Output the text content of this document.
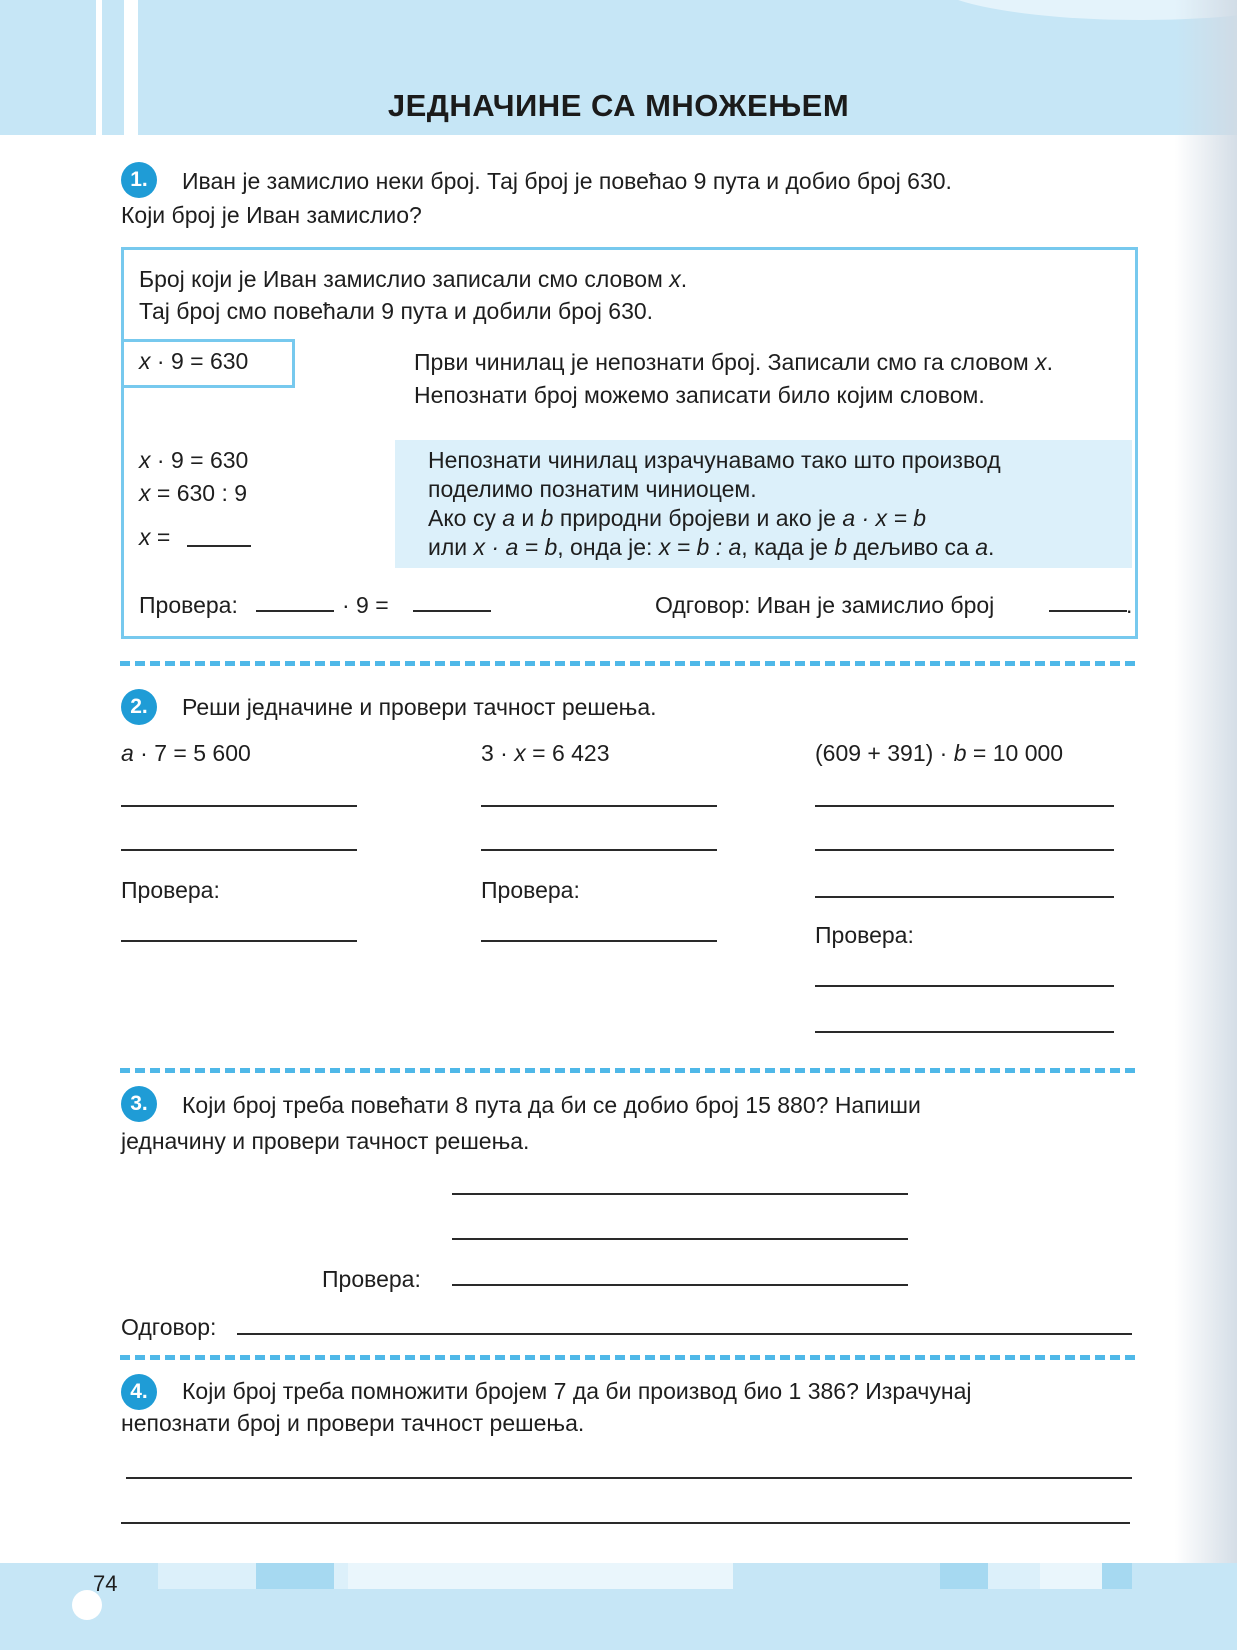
ЈЕДНАЧИНЕ СА МНОЖЕЊЕМ
1.	Иван је замислио неки број. Тај број је повећао 9 пута и добио број 630.
Који број је Иван замислио?
Број који је Иван замислио записали смо словом x.
Тај број смо повећали 9 пута и добили број 630.
x · 9 = 630	Први чинилац је непознати број. Записали смо га словом x.
Непознати број можемо записати било којим словом.
x · 9 = 630
x = 630 : 9
x =
Непознати чинилац израчунавамо тако што производ
поделимо познатим чиниоцем.
Ако су a и b природни бројеви и ако је a · x = b
или x · a = b, онда је: x = b : a, када је b дељиво са a.
Провера:	· 9 =	Одговор: Иван је замислио број	.
2.	Реши једначине и провери тачност решења.
a · 7 = 5 600	3 · x = 6 423	(609 + 391) · b = 10 000
Провера:	Провера:
Провера:
3.	Који број треба повећати 8 пута да би се добио број 15 880? Напиши
једначину и провери тачност решења.
Провера:
Одговор:
4.	Који број треба помножити бројем 7 да би производ био 1 386? Израчунај
непознати број и провери тачност решења.
74
